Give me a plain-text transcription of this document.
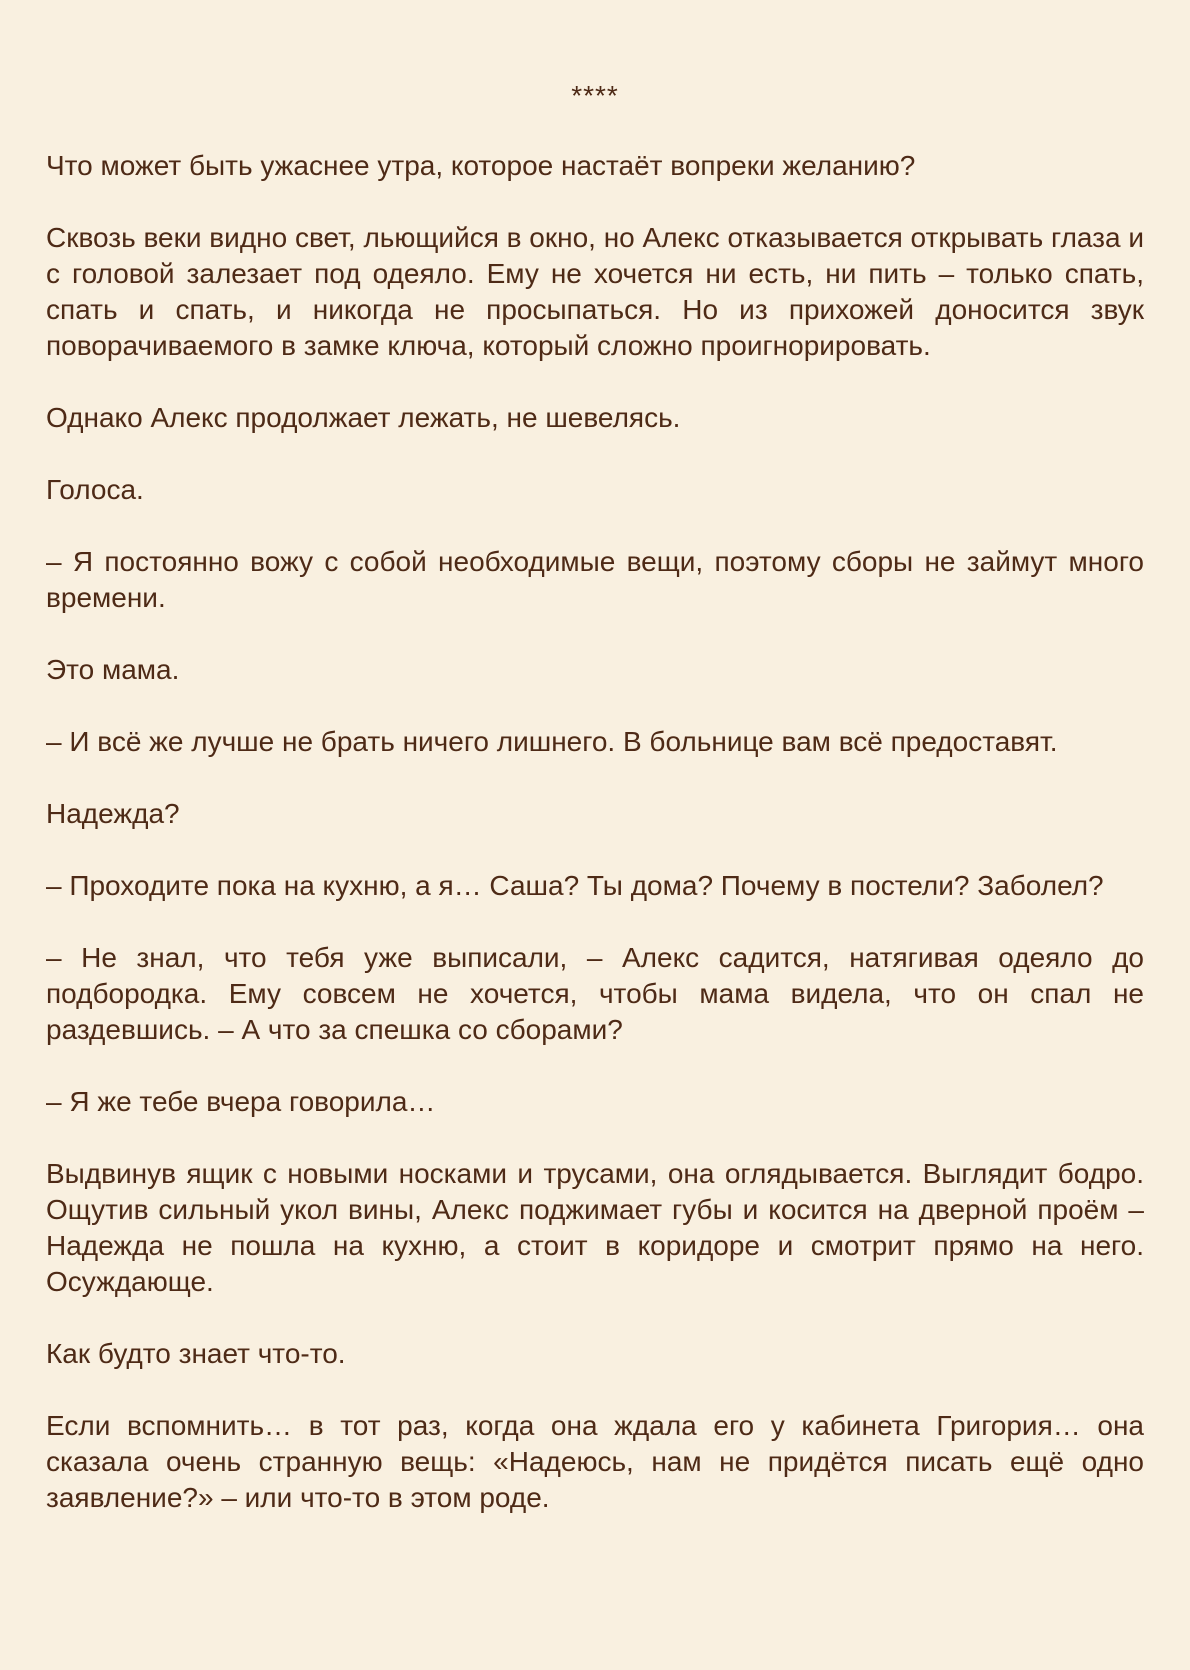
****

Что может быть ужаснее утра, которое настаёт вопреки желанию?

Сквозь веки видно свет, льющийся в окно, но Алекс отказывается открывать глаза и с головой залезает под одеяло. Ему не хочется ни есть, ни пить – только спать, спать и спать, и никогда не просыпаться. Но из прихожей доносится звук поворачиваемого в замке ключа, который сложно проигнорировать.

Однако Алекс продолжает лежать, не шевелясь.

Голоса.

– Я постоянно вожу с собой необходимые вещи, поэтому сборы не займут много времени.

Это мама.

– И всё же лучше не брать ничего лишнего. В больнице вам всё предоставят.

Надежда?

– Проходите пока на кухню, а я… Саша? Ты дома? Почему в постели? Заболел?

– Не знал, что тебя уже выписали, – Алекс садится, натягивая одеяло до подбородка. Ему совсем не хочется, чтобы мама видела, что он спал не раздевшись. – А что за спешка со сборами?

– Я же тебе вчера говорила…

Выдвинув ящик с новыми носками и трусами, она оглядывается. Выглядит бодро. Ощутив сильный укол вины, Алекс поджимает губы и косится на дверной проём – Надежда не пошла на кухню, а стоит в коридоре и смотрит прямо на него. Осуждающе.

Как будто знает что-то.

Если вспомнить… в тот раз, когда она ждала его у кабинета Григория… она сказала очень странную вещь: «Надеюсь, нам не придётся писать ещё одно заявление?» – или что-то в этом роде.
